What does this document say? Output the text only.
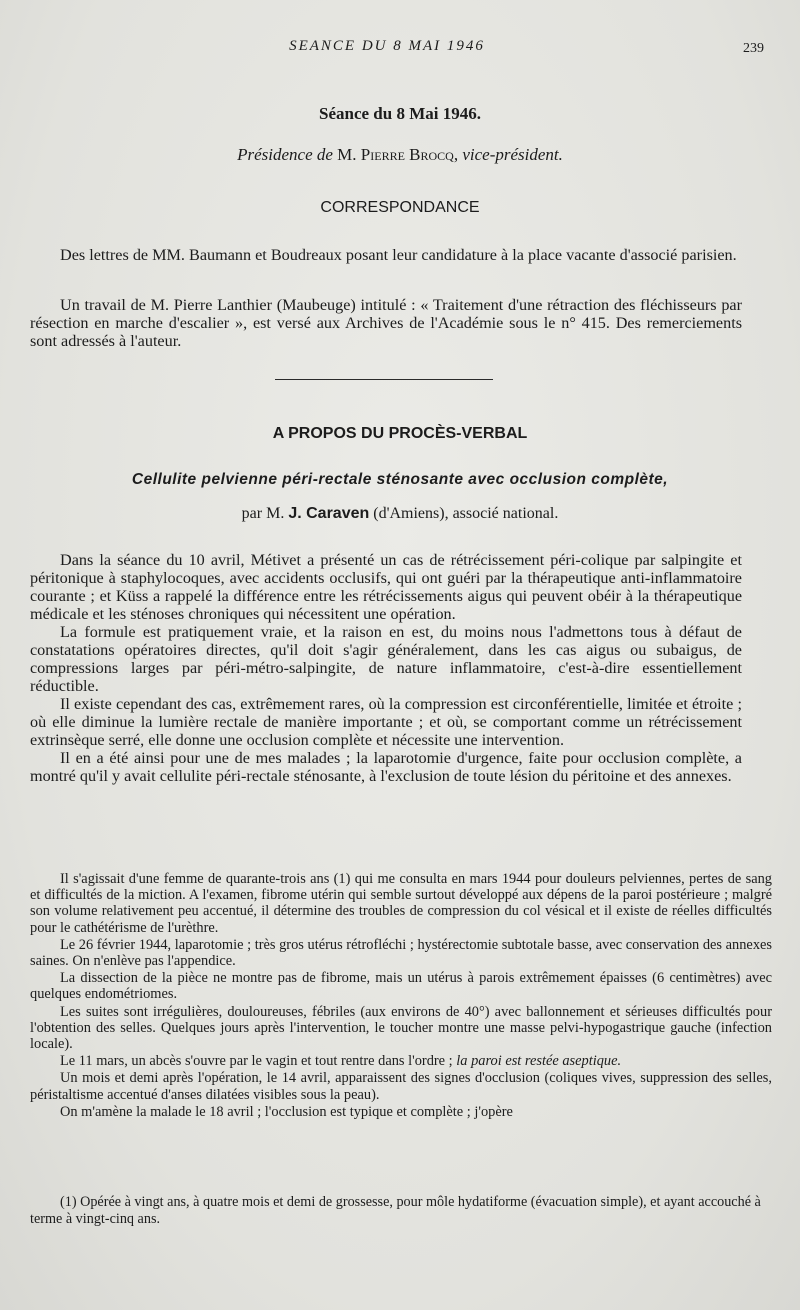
SEANCE DU 8 MAI 1946	239
Séance du 8 Mai 1946.
Présidence de M. Pierre Brocq, vice-président.
CORRESPONDANCE
Des lettres de MM. Baumann et Boudreaux posant leur candidature à la place vacante d'associé parisien.
Un travail de M. Pierre Lanthier (Maubeuge) intitulé : « Traitement d'une rétraction des fléchisseurs par résection en marche d'escalier », est versé aux Archives de l'Académie sous le n° 415. Des remerciements sont adressés à l'auteur.
A PROPOS DU PROCÈS-VERBAL
Cellulite pelvienne péri-rectale sténosante avec occlusion complète,
par M. J. Caraven (d'Amiens), associé national.

Dans la séance du 10 avril, Métivet a présenté un cas de rétrécissement péri-colique par salpingite et péritonique à staphylocoques, avec accidents occlusifs, qui ont guéri par la thérapeutique anti-inflammatoire courante ; et Küss a rappelé la différence entre les rétrécissements aigus qui peuvent obéir à la thérapeutique médicale et les sténoses chroniques qui nécessitent une opération.

La formule est pratiquement vraie, et la raison en est, du moins nous l'admettons tous à défaut de constatations opératoires directes, qu'il doit s'agir généralement, dans les cas aigus ou subaigus, de compressions larges par péri-métro-salpingite, de nature inflammatoire, c'est-à-dire essentiellement réductible.

Il existe cependant des cas, extrêmement rares, où la compression est circonférentielle, limitée et étroite ; où elle diminue la lumière rectale de manière importante ; et où, se comportant comme un rétrécissement extrinsèque serré, elle donne une occlusion complète et nécessite une intervention.

Il en a été ainsi pour une de mes malades ; la laparotomie d'urgence, faite pour occlusion complète, a montré qu'il y avait cellulite péri-rectale sténosante, à l'exclusion de toute lésion du péritoine et des annexes.

Il s'agissait d'une femme de quarante-trois ans (1) qui me consulta en mars 1944 pour douleurs pelviennes, pertes de sang et difficultés de la miction. A l'examen, fibrome utérin qui semble surtout développé aux dépens de la paroi postérieure ; malgré son volume relativement peu accentué, il détermine des troubles de compression du col vésical et il existe de réelles difficultés pour le cathétérisme de l'urèthre.

Le 26 février 1944, laparotomie ; très gros utérus rétrofléchi ; hystérectomie subtotale basse, avec conservation des annexes saines. On n'enlève pas l'appendice.

La dissection de la pièce ne montre pas de fibrome, mais un utérus à parois extrêmement épaisses (6 centimètres) avec quelques endométriomes.

Les suites sont irrégulières, douloureuses, fébriles (aux environs de 40°) avec ballonnement et sérieuses difficultés pour l'obtention des selles. Quelques jours après l'intervention, le toucher montre une masse pelvi-hypogastrique gauche (infection locale).

Le 11 mars, un abcès s'ouvre par le vagin et tout rentre dans l'ordre ; la paroi est restée aseptique.

Un mois et demi après l'opération, le 14 avril, apparaissent des signes d'occlusion (coliques vives, suppression des selles, péristaltisme accentué d'anses dilatées visibles sous la peau).

On m'amène la malade le 18 avril ; l'occlusion est typique et complète ; j'opère

(1) Opérée à vingt ans, à quatre mois et demi de grossesse, pour môle hydatiforme (évacuation simple), et ayant accouché à terme à vingt-cinq ans.
